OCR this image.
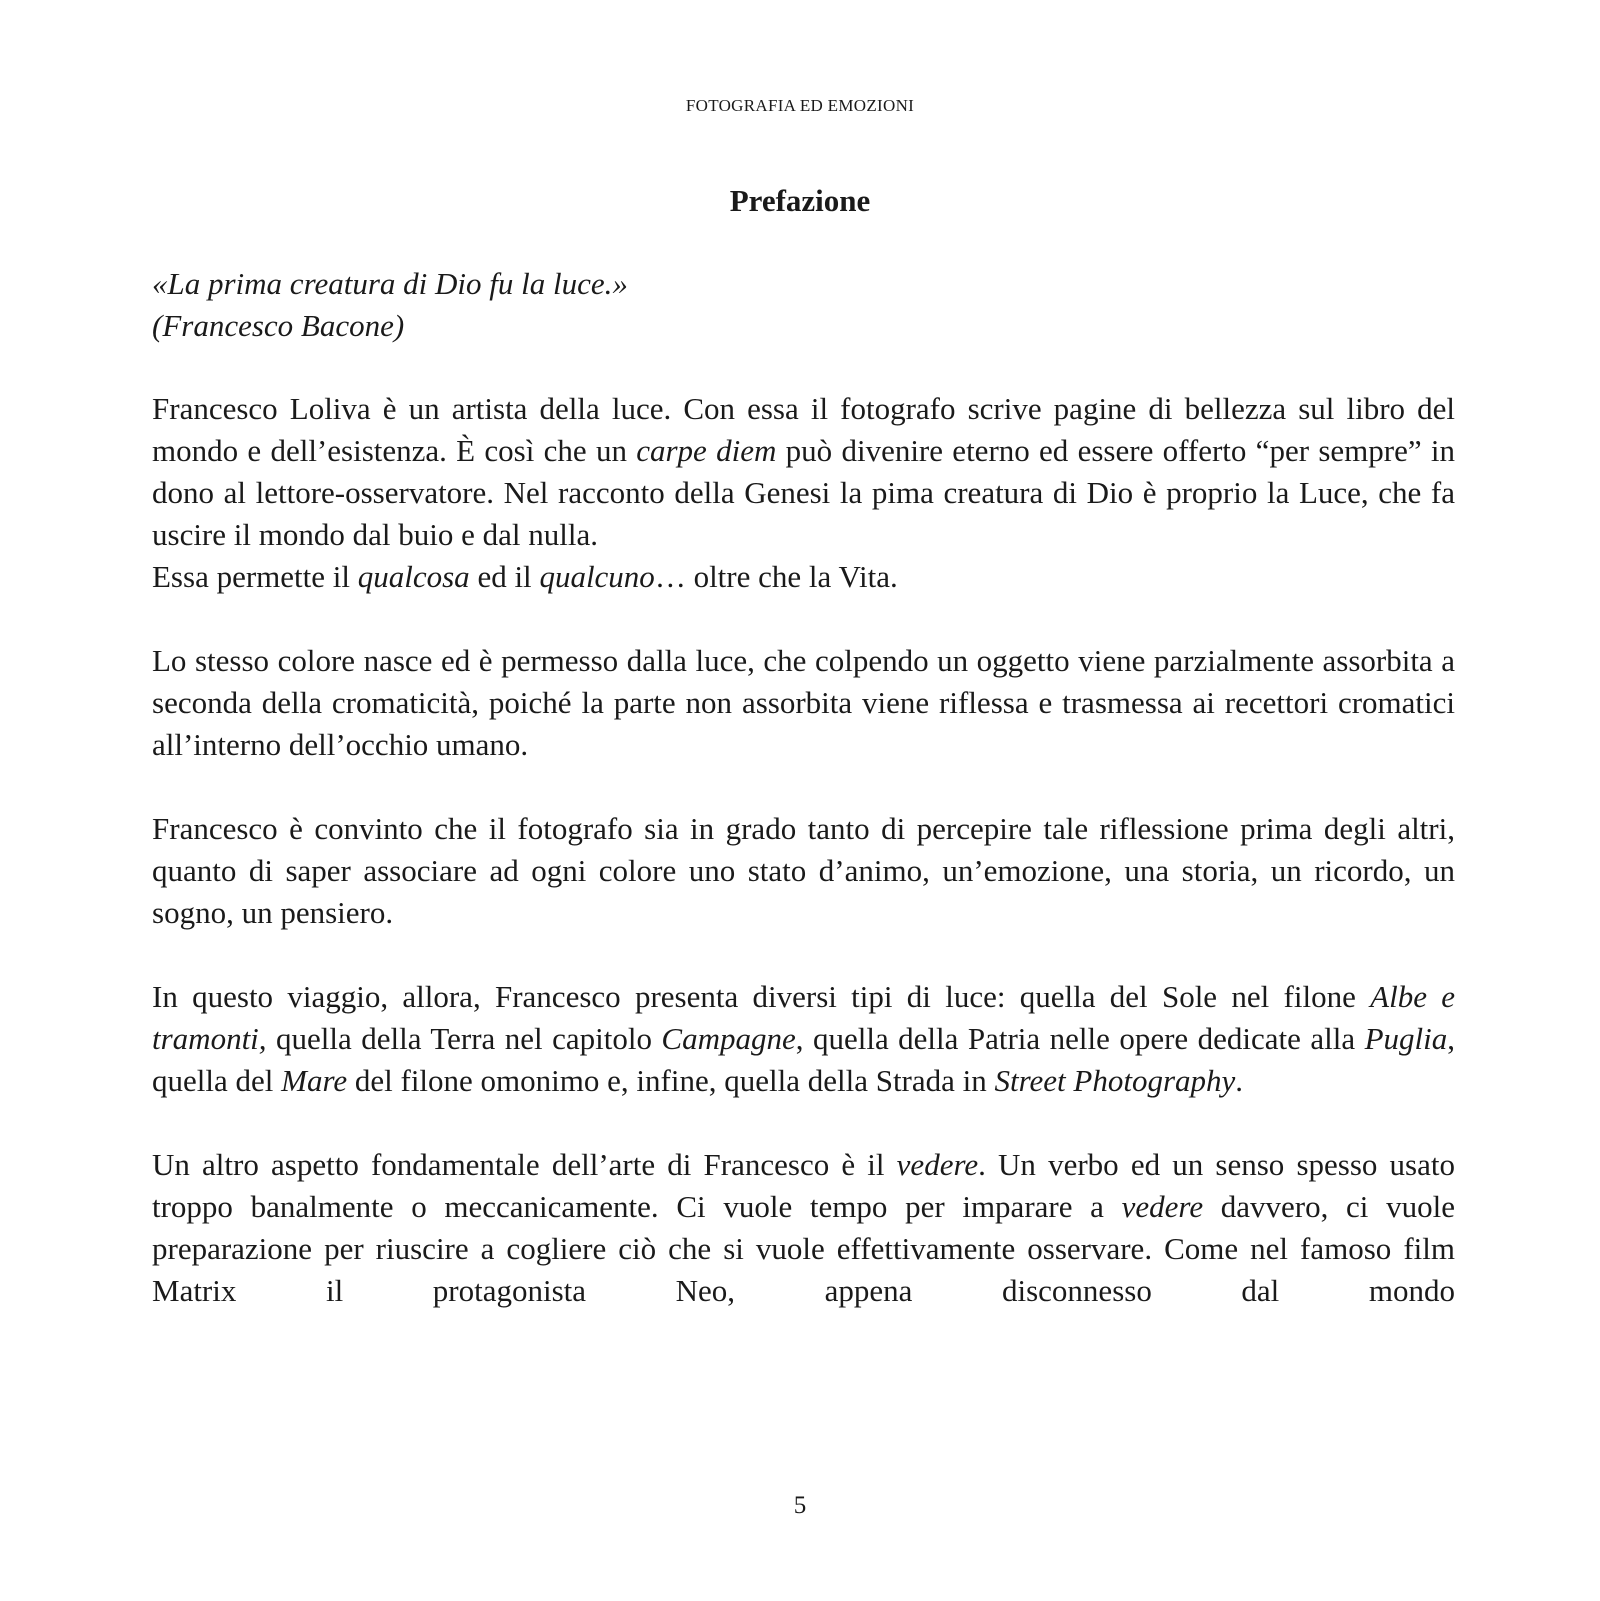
FOTOGRAFIA ED EMOZIONI

Prefazione

«La prima creatura di Dio fu la luce.»

(Francesco Bacone)

Francesco Loliva è un artista della luce. Con essa il fotografo scrive pagine di bellezza sul libro del mondo e dell’esistenza. È così che un carpe diem può divenire eterno ed essere offerto “per sempre” in dono al lettore-osservatore. Nel racconto della Genesi la pima creatura di Dio è proprio la Luce, che fa uscire il mondo dal buio e dal nulla.

Essa permette il qualcosa ed il qualcuno… oltre che la Vita.

Lo stesso colore nasce ed è permesso dalla luce, che colpendo un oggetto viene parzialmente assorbita a seconda della cromaticità, poiché la parte non assorbita viene riflessa e trasmessa ai recettori cromatici all’interno dell’occhio umano.

Francesco è convinto che il fotografo sia in grado tanto di percepire tale riflessione prima degli altri, quanto di saper associare ad ogni colore uno stato d’animo, un’emozione, una storia, un ricordo, un sogno, un pensiero.

In questo viaggio, allora, Francesco presenta diversi tipi di luce: quella del Sole nel filone Albe e tramonti, quella della Terra nel capitolo Campagne, quella della Patria nelle opere dedicate alla Puglia, quella del Mare del filone omonimo e, infine, quella della Strada in Street Photography.

Un altro aspetto fondamentale dell’arte di Francesco è il vedere. Un verbo ed un senso spesso usato troppo banalmente o meccanicamente. Ci vuole tempo per imparare a vedere davvero, ci vuole preparazione per riuscire a cogliere ciò che si vuole effettivamente osservare. Come nel famoso film Matrix il protagonista Neo, appena disconnesso dal mondo

5
